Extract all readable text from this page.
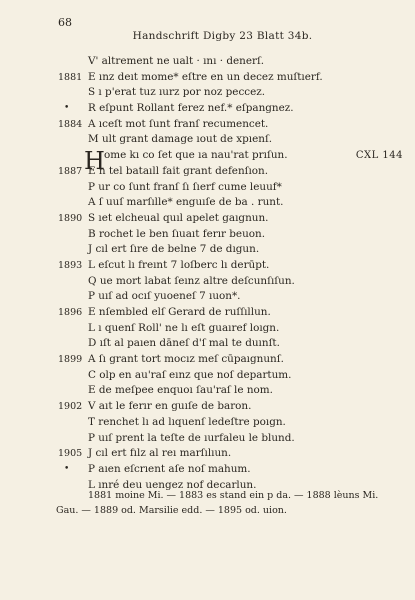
68
Handschrift Digby 23 Blatt 34b.
V' altrement ne ualt · ını · denerſ.
1881 E ınz deıt mome* eſtre en un decez muſtıerf.
S ı p'erat tuz ıurz por noz peccez.
• R eſpunt Rollant ferez nef.* eſpangnez.
1884 A ıceſt mot ſunt franſ recumencet.
M ult grant damage ıout de xpıenſ.
H ome kı co ſet que ıa nau'rat prıſun.	CXL 144
1887 E n tel bataıll fait grant defenſıon.
P ur co ſunt franſ ſı ſıerf cume leuuf*
A ſ uuſ marſılle* enguıſe de ba . runt.
1890 S ıet elcheual quıl apelet gaıgnun.
B rochet le ben ſıuaıt ferır beuon.
J cıl ert ſıre de belne 7 de dıgun.
1893 L eſcut lı freınt 7 loſberc lı derūpt.
Q ue mort labat ſeınz altre deſcunſıſun.
P uıſ ad ocıſ yuoeneſ 7 ıuon*.
1896 E nſembled elſ Gerard de ruſſıllun.
L ı quenſ Roll' ne lı eſt guaıref loıgn.
D ıſt al paıen dāneſ d'ſ mal te duınſt.
1899 A ſı grant tort mocız meſ cūpaıgnunſ.
C olp en au'raſ eınz que noſ departum.
E de meſpee enquoı ſau'raſ le nom.
1902 V aıt le ferır en guıſe de baron.
T renchet lı ad lıquenſ ledeſtre poıgn.
P uıſ prent la teſte de ıurfaleu le blund.
1905 J cıl ert fılz al reı marſılıun.
• P aıen eſcrıent aſe noſ mahum.
L ınré deu uengez nof decarlun.
1881 moine Mi. — 1883 es stand ein p da. — 1888 lèuns Mi.
Gau. — 1889 od. Marsilie edd. — 1895 od. uion.
